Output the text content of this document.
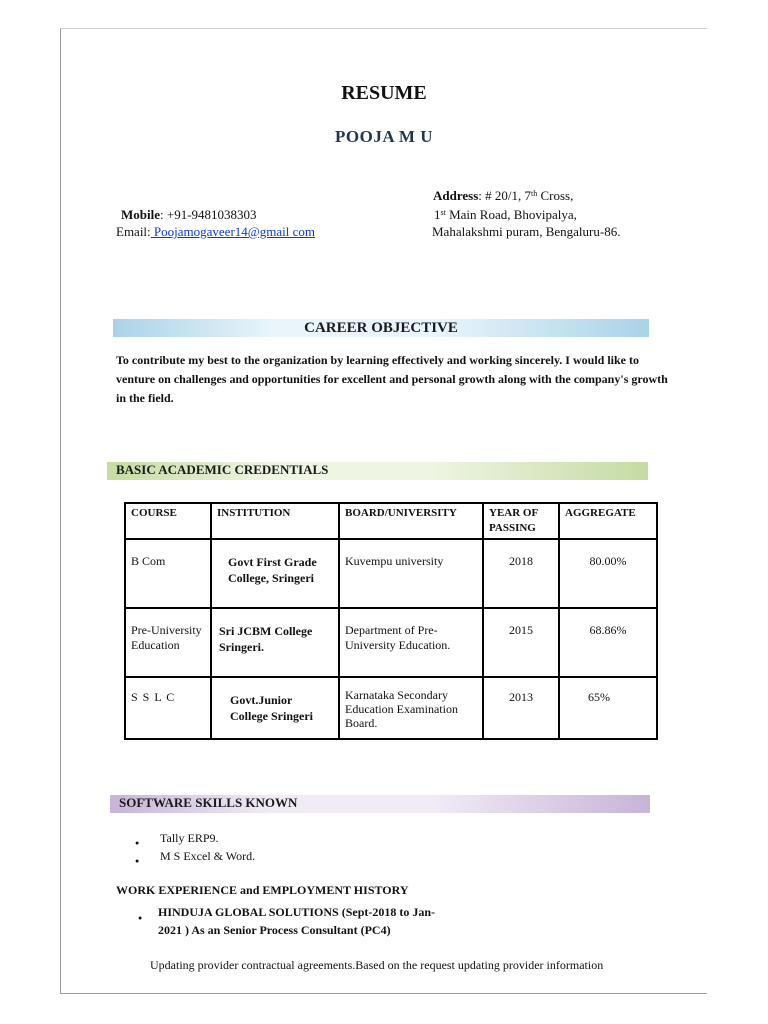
RESUME
POOJA M U
Mobile: +91-9481038303
Email: Poojamogaveer14@gmail com
Address: # 20/1, 7th Cross,
1st Main Road, Bhovipalya,
Mahalakshmi puram, Bengaluru-86.
CAREER OBJECTIVE
To contribute my best to the organization by learning effectively and working sincerely. I would like to venture on challenges and opportunities for excellent and personal growth along with the company's growth in the field.
BASIC ACADEMIC CREDENTIALS
COURSE	INSTITUTION	BOARD/UNIVERSITY	YEAR OF PASSING	AGGREGATE
B Com	Govt First Grade College, Sringeri	Kuvempu university	2018	80.00%
Pre-University Education	Sri JCBM College Sringeri.	Department of Pre-University Education.	2015	68.86%
S S L C	Govt.Junior College Sringeri	Karnataka Secondary Education Examination Board.	2013	65%
SOFTWARE SKILLS KNOWN
● Tally ERP9.
● M S Excel & Word.
WORK EXPERIENCE and EMPLOYMENT HISTORY
●	HINDUJA GLOBAL SOLUTIONS (Sept-2018 to Jan-2021 ) As an Senior Process Consultant (PC4)
Updating provider contractual agreements.Based on the request updating provider information
